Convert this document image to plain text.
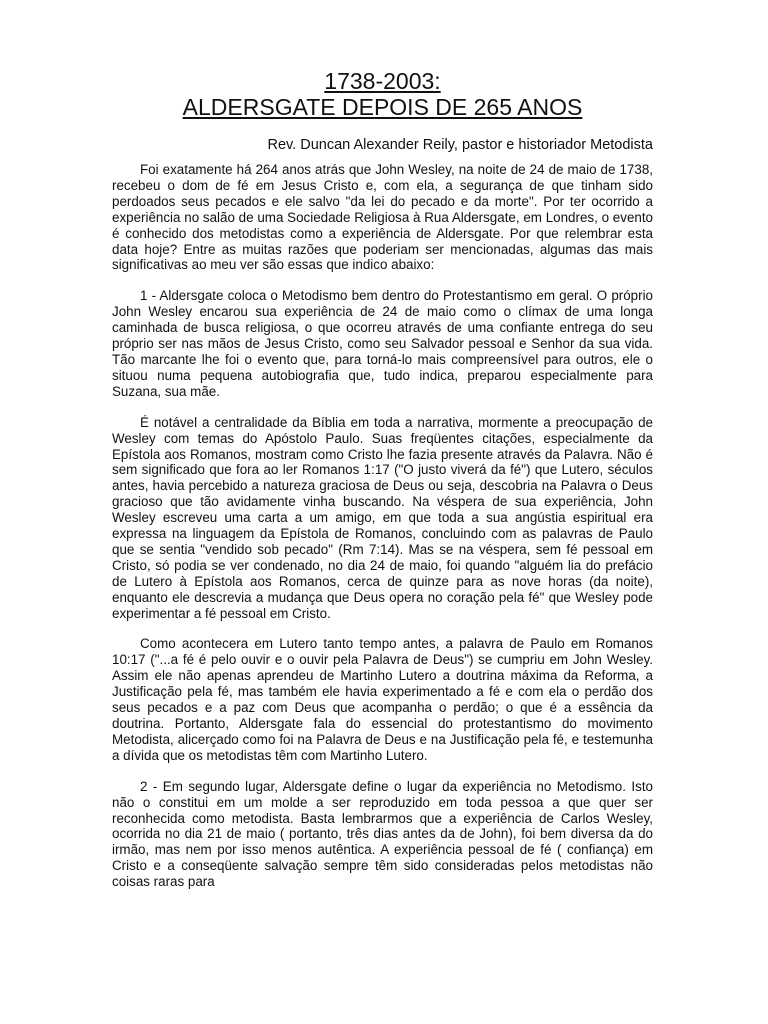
1738-2003:
ALDERSGATE DEPOIS DE 265 ANOS
Rev. Duncan Alexander Reily, pastor e historiador Metodista

Foi exatamente há 264 anos atrás que John Wesley, na noite de 24 de maio de 1738, recebeu o dom de fé em Jesus Cristo e, com ela, a segurança de que tinham sido perdoados seus pecados e ele salvo "da lei do pecado e da morte". Por ter ocorrido a experiência no salão de uma Sociedade Religiosa à Rua Aldersgate, em Londres, o evento é conhecido dos metodistas como a experiência de Aldersgate. Por que relembrar esta data hoje? Entre as muitas razões que poderiam ser mencionadas, algumas das mais significativas ao meu ver são essas que indico abaixo:

1 - Aldersgate coloca o Metodismo bem dentro do Protestantismo em geral. O próprio John Wesley encarou sua experiência de 24 de maio como o clímax de uma longa caminhada de busca religiosa, o que ocorreu através de uma confiante entrega do seu próprio ser nas mãos de Jesus Cristo, como seu Salvador pessoal e Senhor da sua vida. Tão marcante lhe foi o evento que, para torná-lo mais compreensível para outros, ele o situou numa pequena autobiografia que, tudo indica, preparou especialmente para Suzana, sua mãe.

É notável a centralidade da Bíblia em toda a narrativa, mormente a preocupação de Wesley com temas do Apóstolo Paulo. Suas freqüentes citações, especialmente da Epístola aos Romanos, mostram como Cristo lhe fazia presente através da Palavra. Não é sem significado que fora ao ler Romanos 1:17 ("O justo viverá da fé") que Lutero, séculos antes, havia percebido a natureza graciosa de Deus ou seja, descobria na Palavra o Deus gracioso que tão avidamente vinha buscando. Na véspera de sua experiência, John Wesley escreveu uma carta a um amigo, em que toda a sua angústia espiritual era expressa na linguagem da Epístola de Romanos, concluindo com as palavras de Paulo que se sentia "vendido sob pecado" (Rm 7:14). Mas se na véspera, sem fé pessoal em Cristo, só podia se ver condenado, no dia 24 de maio, foi quando "alguém lia do prefácio de Lutero à Epístola aos Romanos, cerca de quinze para as nove horas (da noite), enquanto ele descrevia a mudança que Deus opera no coração pela fé" que Wesley pode experimentar a fé pessoal em Cristo.

Como acontecera em Lutero tanto tempo antes, a palavra de Paulo em Romanos 10:17 ("...a fé é pelo ouvir e o ouvir pela Palavra de Deus") se cumpriu em John Wesley. Assim ele não apenas aprendeu de Martinho Lutero a doutrina máxima da Reforma, a Justificação pela fé, mas também ele havia experimentado a fé e com ela o perdão dos seus pecados e a paz com Deus que acompanha o perdão; o que é a essência da doutrina. Portanto, Aldersgate fala do essencial do protestantismo do movimento Metodista, alicerçado como foi na Palavra de Deus e na Justificação pela fé, e testemunha a dívida que os metodistas têm com Martinho Lutero.

2 - Em segundo lugar, Aldersgate define o lugar da experiência no Metodismo. Isto não o constitui em um molde a ser reproduzido em toda pessoa a que quer ser reconhecida como metodista. Basta lembrarmos que a experiência de Carlos Wesley, ocorrida no dia 21 de maio ( portanto, três dias antes da de John), foi bem diversa da do irmão, mas nem por isso menos autêntica. A experiência pessoal de fé ( confiança) em Cristo e a conseqüente salvação sempre têm sido consideradas pelos metodistas não coisas raras para
